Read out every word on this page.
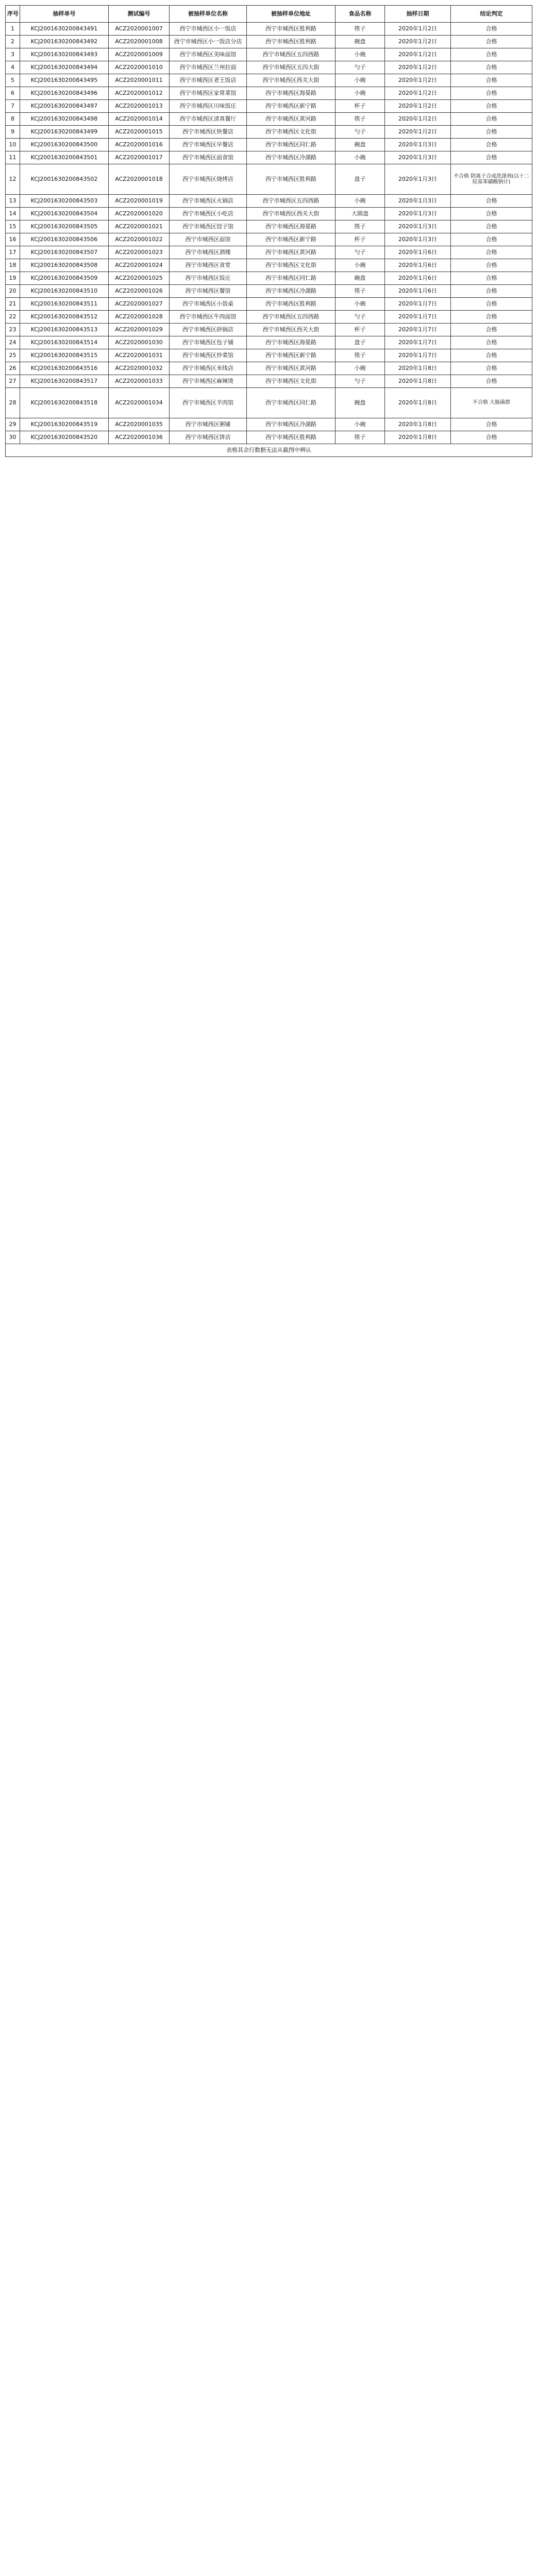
序号	抽样单号	测试编号	被抽样单位名称	被抽样单位地址	食品名称	抽样日期	结论判定
1	KCJ2001630200843491	ACZ2020001007	西宁市城西区小一饭店	西宁市城西区胜利路	筷子	2020年1月2日	合格
2	KCJ2001630200843492	ACZ2020001008	西宁市城西区小一饭店分店	西宁市城西区胜利路	碗盘	2020年1月2日	合格
3	KCJ2001630200843493	ACZ2020001009	西宁市城西区美味面馆	西宁市城西区五四西路	小碗	2020年1月2日	合格
4	KCJ2001630200843494	ACZ2020001010	西宁市城西区兰州拉面	西宁市城西区五四大街	勺子	2020年1月2日	合格
5	KCJ2001630200843495	ACZ2020001011	西宁市城西区老王饭店	西宁市城西区西关大街	小碗	2020年1月2日	合格
6	KCJ2001630200843496	ACZ2020001012	西宁市城西区家常菜馆	西宁市城西区海晏路	小碗	2020年1月2日	合格
7	KCJ2001630200843497	ACZ2020001013	西宁市城西区川味饭庄	西宁市城西区新宁路	杯子	2020年1月2日	合格
8	KCJ2001630200843498	ACZ2020001014	西宁市城西区清真餐厅	西宁市城西区黄河路	筷子	2020年1月2日	合格
9	KCJ2001630200843499	ACZ2020001015	西宁市城西区快餐店	西宁市城西区文化街	勺子	2020年1月2日	合格
10	KCJ2001630200843500	ACZ2020001016	西宁市城西区早餐店	西宁市城西区同仁路	碗盘	2020年1月3日	合格
11	KCJ2001630200843501	ACZ2020001017	西宁市城西区面食馆	西宁市城西区冷湖路	小碗	2020年1月3日	合格
12	KCJ2001630200843502	ACZ2020001018	西宁市城西区烧烤店	西宁市城西区胜利路	盘子	2020年1月3日	不合格 阴离子合成洗涤剂(以十二烷基苯磺酸钠计)
13	KCJ2001630200843503	ACZ2020001019	西宁市城西区火锅店	西宁市城西区五四西路	小碗	2020年1月3日	合格
14	KCJ2001630200843504	ACZ2020001020	西宁市城西区小吃店	西宁市城西区西关大街	大圆盘	2020年1月3日	合格
15	KCJ2001630200843505	ACZ2020001021	西宁市城西区饺子馆	西宁市城西区海晏路	筷子	2020年1月3日	合格
16	KCJ2001630200843506	ACZ2020001022	西宁市城西区面馆	西宁市城西区新宁路	杯子	2020年1月3日	合格
17	KCJ2001630200843507	ACZ2020001023	西宁市城西区酒楼	西宁市城西区黄河路	勺子	2020年1月6日	合格
18	KCJ2001630200843508	ACZ2020001024	西宁市城西区食堂	西宁市城西区文化街	小碗	2020年1月6日	合格
19	KCJ2001630200843509	ACZ2020001025	西宁市城西区饭庄	西宁市城西区同仁路	碗盘	2020年1月6日	合格
20	KCJ2001630200843510	ACZ2020001026	西宁市城西区餐馆	西宁市城西区冷湖路	筷子	2020年1月6日	合格
21	KCJ2001630200843511	ACZ2020001027	西宁市城西区小饭桌	西宁市城西区胜利路	小碗	2020年1月7日	合格
22	KCJ2001630200843512	ACZ2020001028	西宁市城西区牛肉面馆	西宁市城西区五四西路	勺子	2020年1月7日	合格
23	KCJ2001630200843513	ACZ2020001029	西宁市城西区砂锅店	西宁市城西区西关大街	杯子	2020年1月7日	合格
24	KCJ2001630200843514	ACZ2020001030	西宁市城西区包子铺	西宁市城西区海晏路	盘子	2020年1月7日	合格
25	KCJ2001630200843515	ACZ2020001031	西宁市城西区炒菜馆	西宁市城西区新宁路	筷子	2020年1月7日	合格
26	KCJ2001630200843516	ACZ2020001032	西宁市城西区米线店	西宁市城西区黄河路	小碗	2020年1月8日	合格
27	KCJ2001630200843517	ACZ2020001033	西宁市城西区麻辣烫	西宁市城西区文化街	勺子	2020年1月8日	合格
28	KCJ2001630200843518	ACZ2020001034	西宁市城西区羊肉馆	西宁市城西区同仁路	碗盘	2020年1月8日	不合格 大肠菌群
29	KCJ2001630200843519	ACZ2020001035	西宁市城西区粥铺	西宁市城西区冷湖路	小碗	2020年1月8日	合格
30	KCJ2001630200843520	ACZ2020001036	西宁市城西区饼店	西宁市城西区胜利路	筷子	2020年1月8日	合格
表格其余行数据无法从截图中辨认							
